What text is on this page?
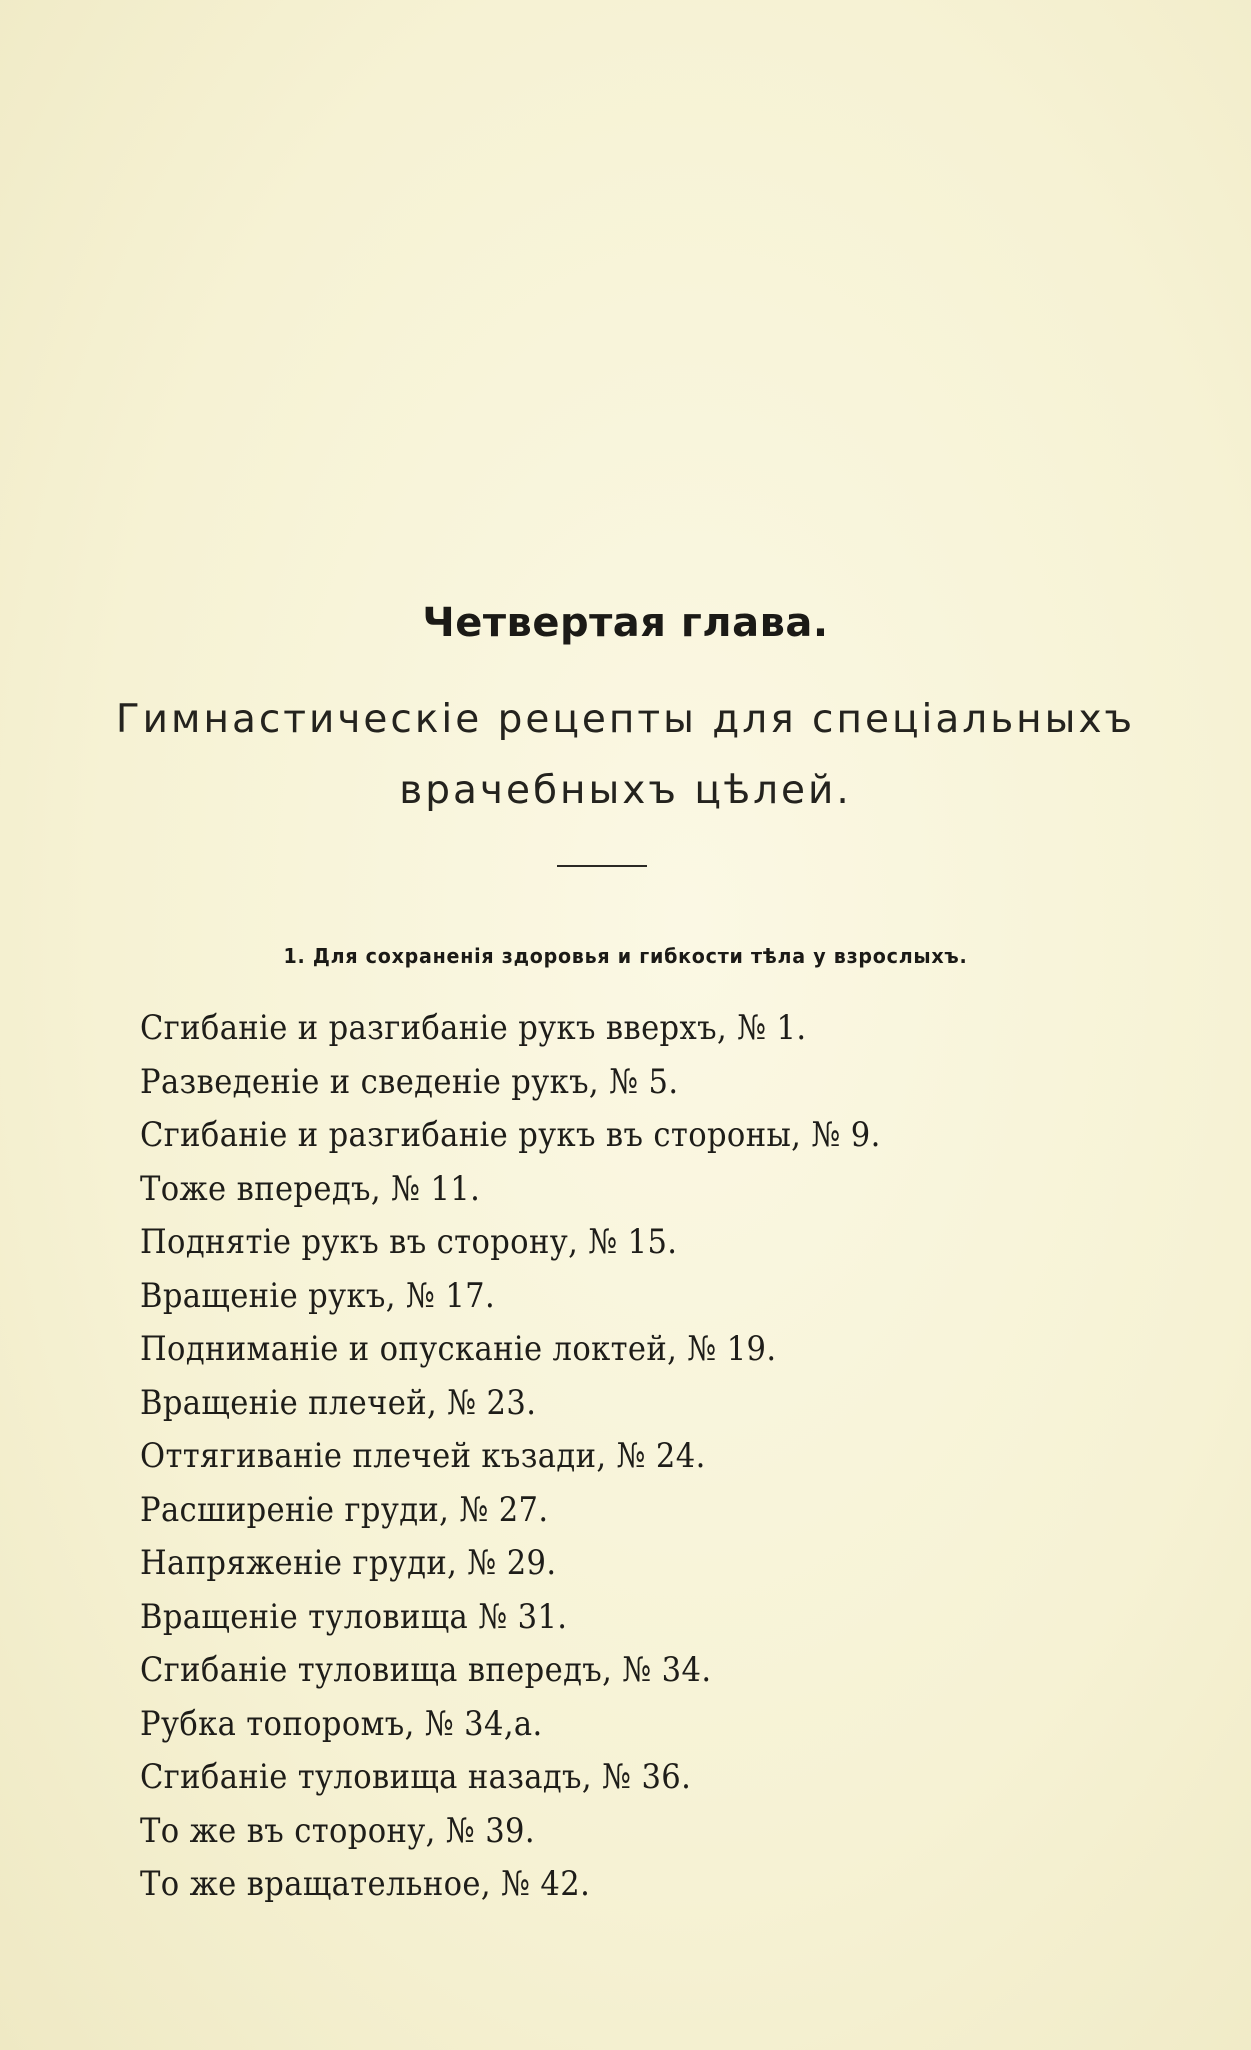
Четвертая глава.
Гимнастическіе рецепты для спеціальныхъ
врачебныхъ цѣлей.
1. Для сохраненія здоровья и гибкости тѣла у взрослыхъ.
Сгибаніе и разгибаніе рукъ вверхъ, № 1.
Разведеніе и сведеніе рукъ, № 5.
Сгибаніе и разгибаніе рукъ въ стороны, № 9.
Тоже впередъ, № 11.
Поднятіе рукъ въ сторону, № 15.
Вращеніе рукъ, № 17.
Подниманіе и опусканіе локтей, № 19.
Вращеніе плечей, № 23.
Оттягиваніе плечей къзади, № 24.
Расширеніе груди, № 27.
Напряженіе груди, № 29.
Вращеніе туловища № 31.
Сгибаніе туловища впередъ, № 34.
Рубка топоромъ, № 34,а.
Сгибаніе туловища назадъ, № 36.
То же въ сторону, № 39.
То же вращательное, № 42.
